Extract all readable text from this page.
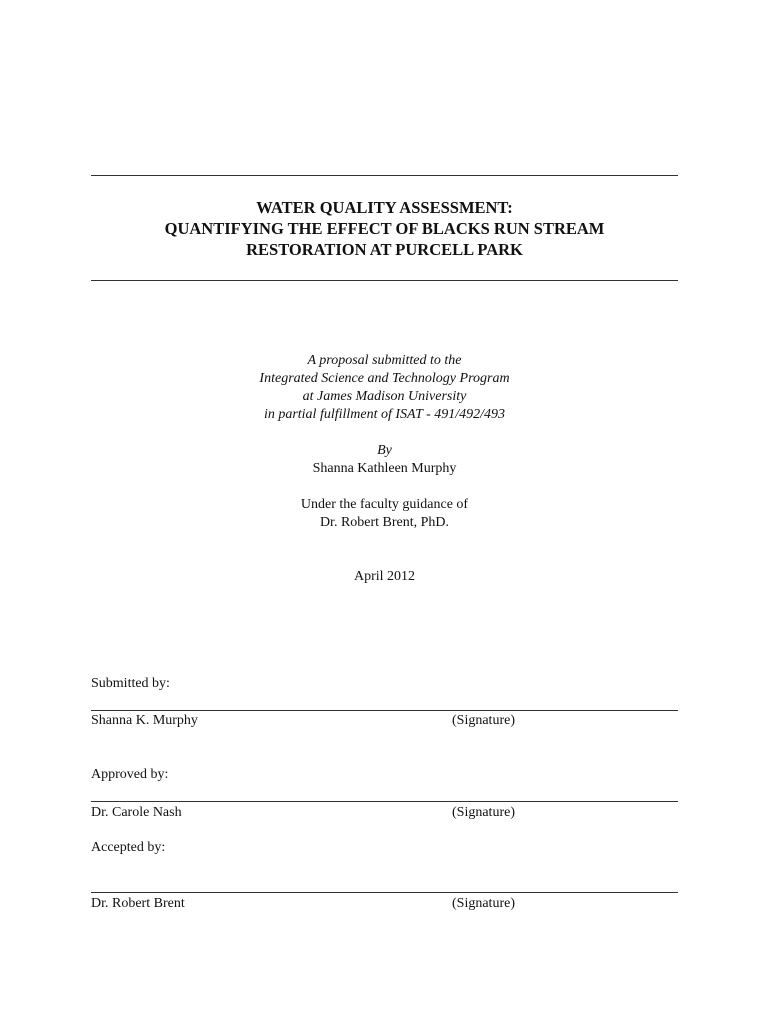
WATER QUALITY ASSESSMENT:
QUANTIFYING THE EFFECT OF BLACKS RUN STREAM
RESTORATION AT PURCELL PARK
A proposal submitted to the
Integrated Science and Technology Program
at James Madison University
in partial fulfillment of ISAT - 491/492/493
By
Shanna Kathleen Murphy
Under the faculty guidance of
Dr. Robert Brent, PhD.
April 2012
Submitted by:
Shanna K. Murphy	(Signature)
Approved by:
Dr. Carole Nash	(Signature)
Accepted by:
Dr. Robert Brent	(Signature)
